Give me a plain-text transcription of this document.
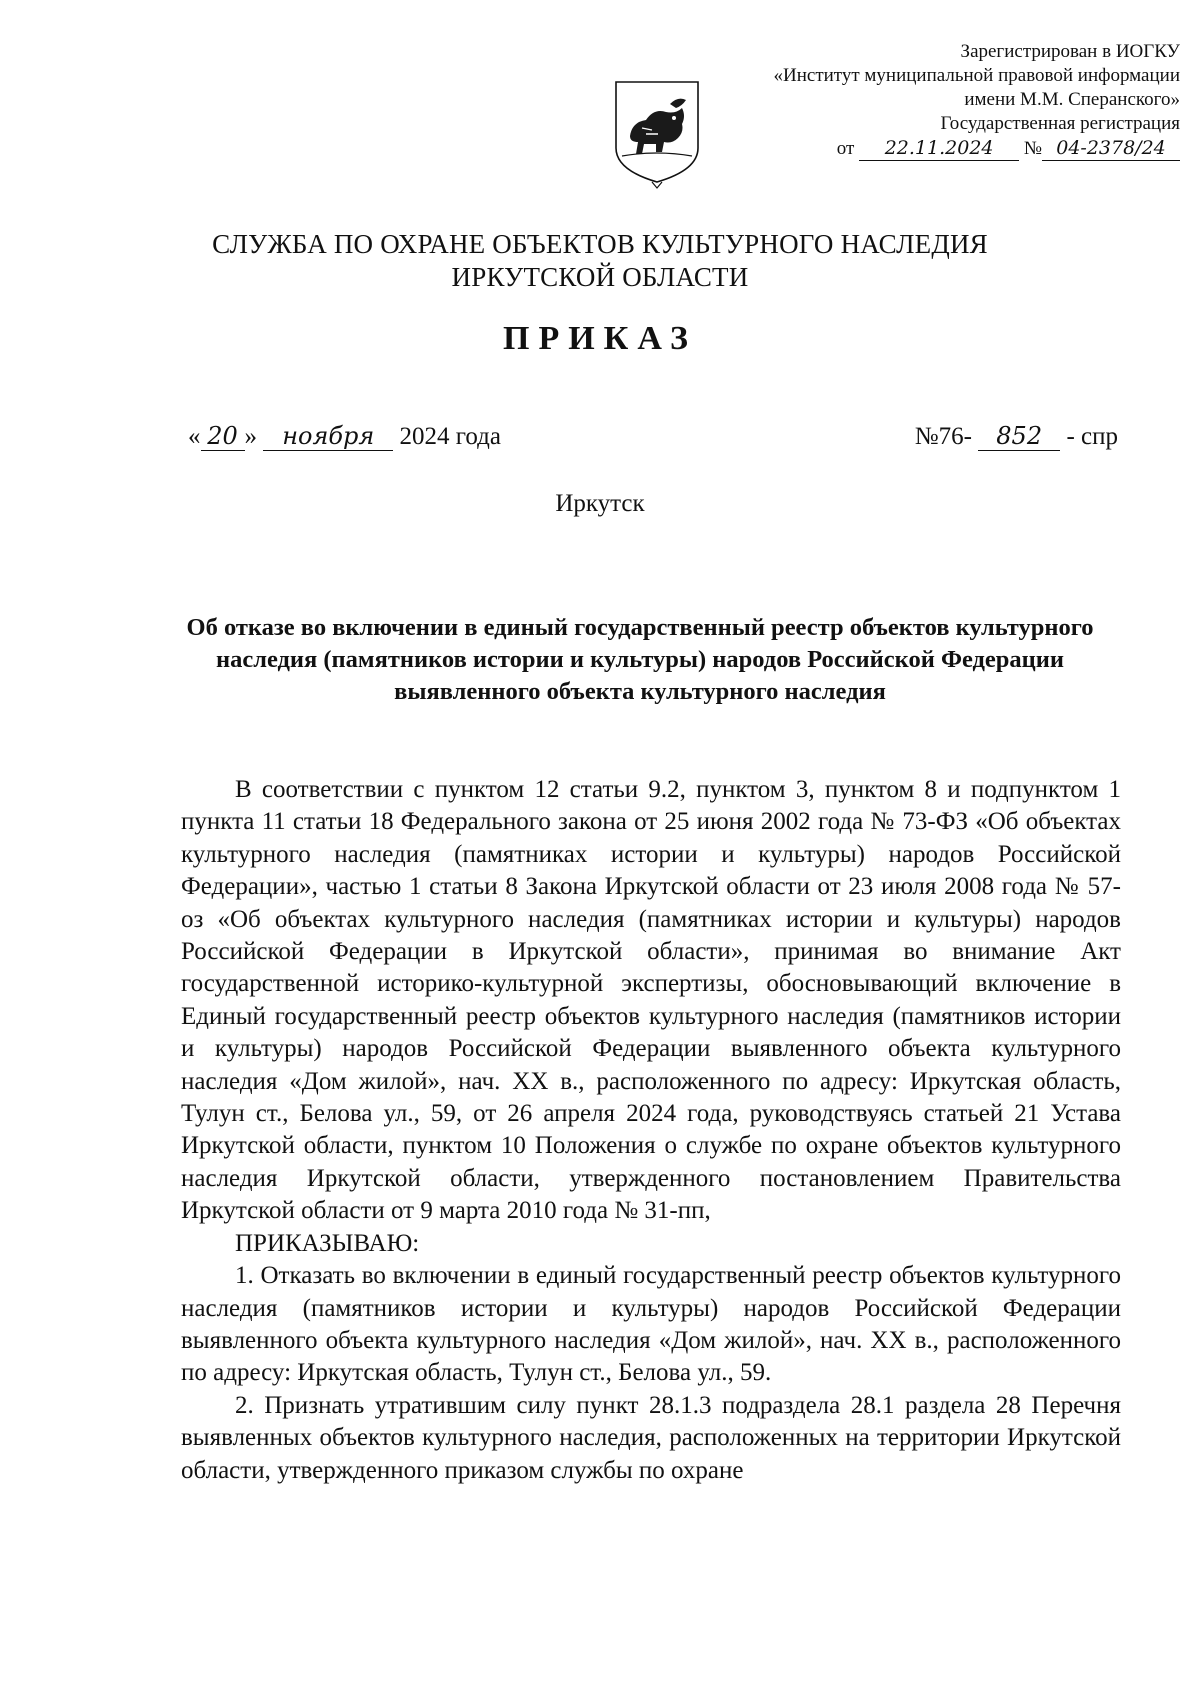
Зарегистрирован в ИОГКУ
«Институт муниципальной правовой информации
имени М.М. Сперанского»
Государственная регистрация
от 22.11.2024 № 04-2378/24
СЛУЖБА ПО ОХРАНЕ ОБЪЕКТОВ КУЛЬТУРНОГО НАСЛЕДИЯ
ИРКУТСКОЙ ОБЛАСТИ
ПРИКАЗ
« 20 » ноября 2024 года	№76- 852 - спр
Иркутск
Об отказе во включении в единый государственный реестр объектов культурного наследия (памятников истории и культуры) народов Российской Федерации выявленного объекта культурного наследия

В соответствии с пунктом 12 статьи 9.2, пунктом 3, пунктом 8 и подпунктом 1 пункта 11 статьи 18 Федерального закона от 25 июня 2002 года № 73-ФЗ «Об объектах культурного наследия (памятниках истории и культуры) народов Российской Федерации», частью 1 статьи 8 Закона Иркутской области от 23 июля 2008 года № 57-оз «Об объектах культурного наследия (памятниках истории и культуры) народов Российской Федерации в Иркутской области», принимая во внимание Акт государственной историко-культурной экспертизы, обосновывающий включение в Единый государственный реестр объектов культурного наследия (памятников истории и культуры) народов Российской Федерации выявленного объекта культурного наследия «Дом жилой», нач. XX в., расположенного по адресу: Иркутская область, Тулун ст., Белова ул., 59, от 26 апреля 2024 года, руководствуясь статьей 21 Устава Иркутской области, пунктом 10 Положения о службе по охране объектов культурного наследия Иркутской области, утвержденного постановлением Правительства Иркутской области от 9 марта 2010 года № 31-пп,

ПРИКАЗЫВАЮ:

1. Отказать во включении в единый государственный реестр объектов культурного наследия (памятников истории и культуры) народов Российской Федерации выявленного объекта культурного наследия «Дом жилой», нач. XX в., расположенного по адресу: Иркутская область, Тулун ст., Белова ул., 59.

2. Признать утратившим силу пункт 28.1.3 подраздела 28.1 раздела 28 Перечня выявленных объектов культурного наследия, расположенных на территории Иркутской области, утвержденного приказом службы по охране
